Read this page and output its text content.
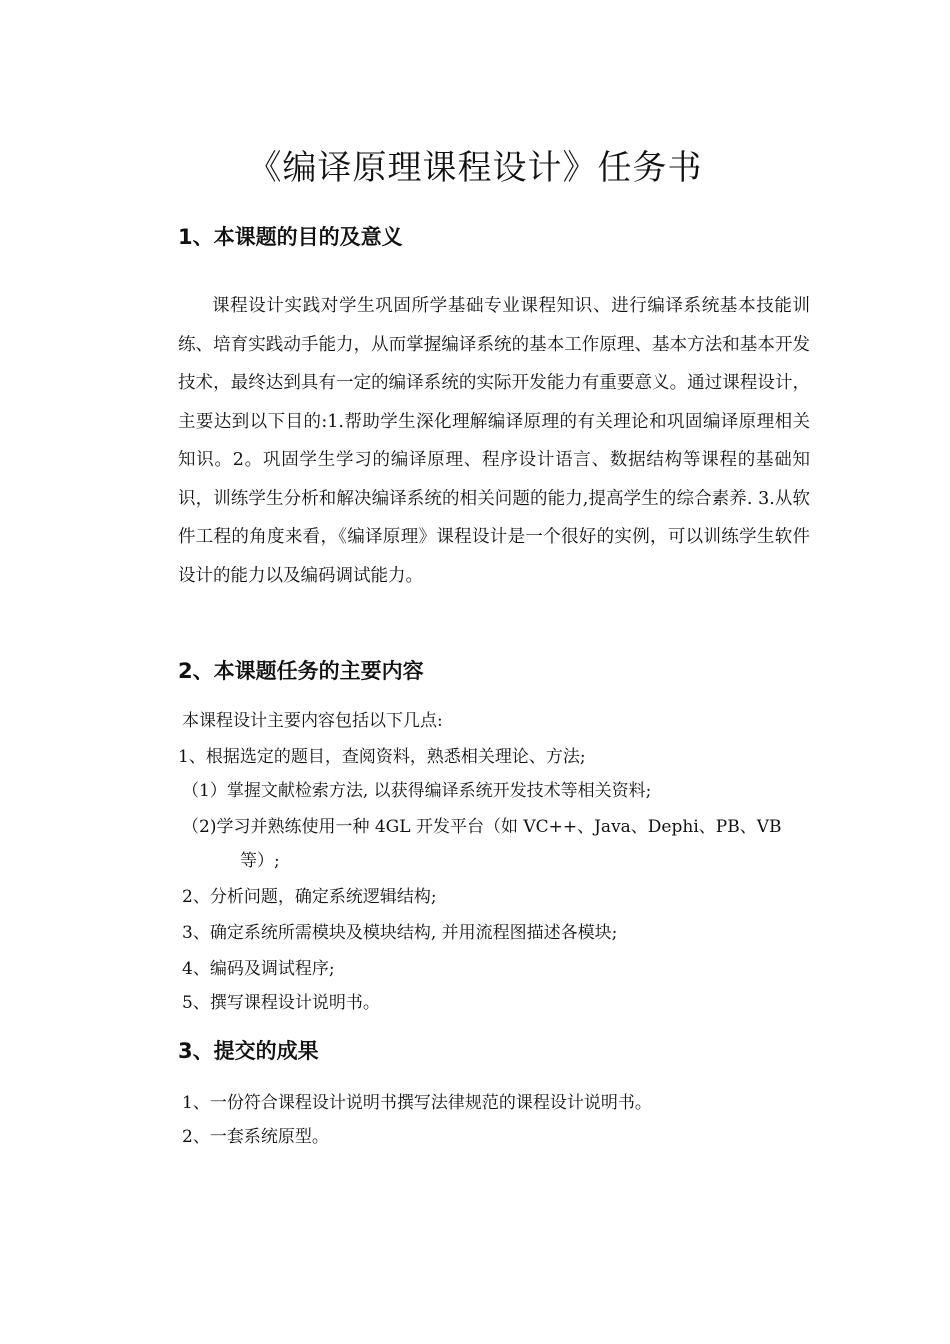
《编译原理课程设计》任务书
1、本课题的目的及意义
课程设计实践对学生巩固所学基础专业课程知识、进行编译系统基本技能训练、培育实践动手能力，从而掌握编译系统的基本工作原理、基本方法和基本开发技术，最终达到具有一定的编译系统的实际开发能力有重要意义。通过课程设计，主要达到以下目的:1.帮助学生深化理解编译原理的有关理论和巩固编译原理相关知识。2。巩固学生学习的编译原理、程序设计语言、数据结构等课程的基础知识，训练学生分析和解决编译系统的相关问题的能力,提高学生的综合素养. 3.从软件工程的角度来看，《编译原理》课程设计是一个很好的实例，可以训练学生软件设计的能力以及编码调试能力。
2、本课题任务的主要内容
本课程设计主要内容包括以下几点:
1、根据选定的题目，查阅资料，熟悉相关理论、方法;
（1）掌握文献检索方法, 以获得编译系统开发技术等相关资料;
（2)学习并熟练使用一种 4GL 开发平台（如 VC++、Java、Dephi、PB、VB
等）;
2、分析问题，确定系统逻辑结构;
3、确定系统所需模块及模块结构, 并用流程图描述各模块;
4、编码及调试程序;
5、撰写课程设计说明书。
3、提交的成果
1、一份符合课程设计说明书撰写法律规范的课程设计说明书。
2、一套系统原型。
